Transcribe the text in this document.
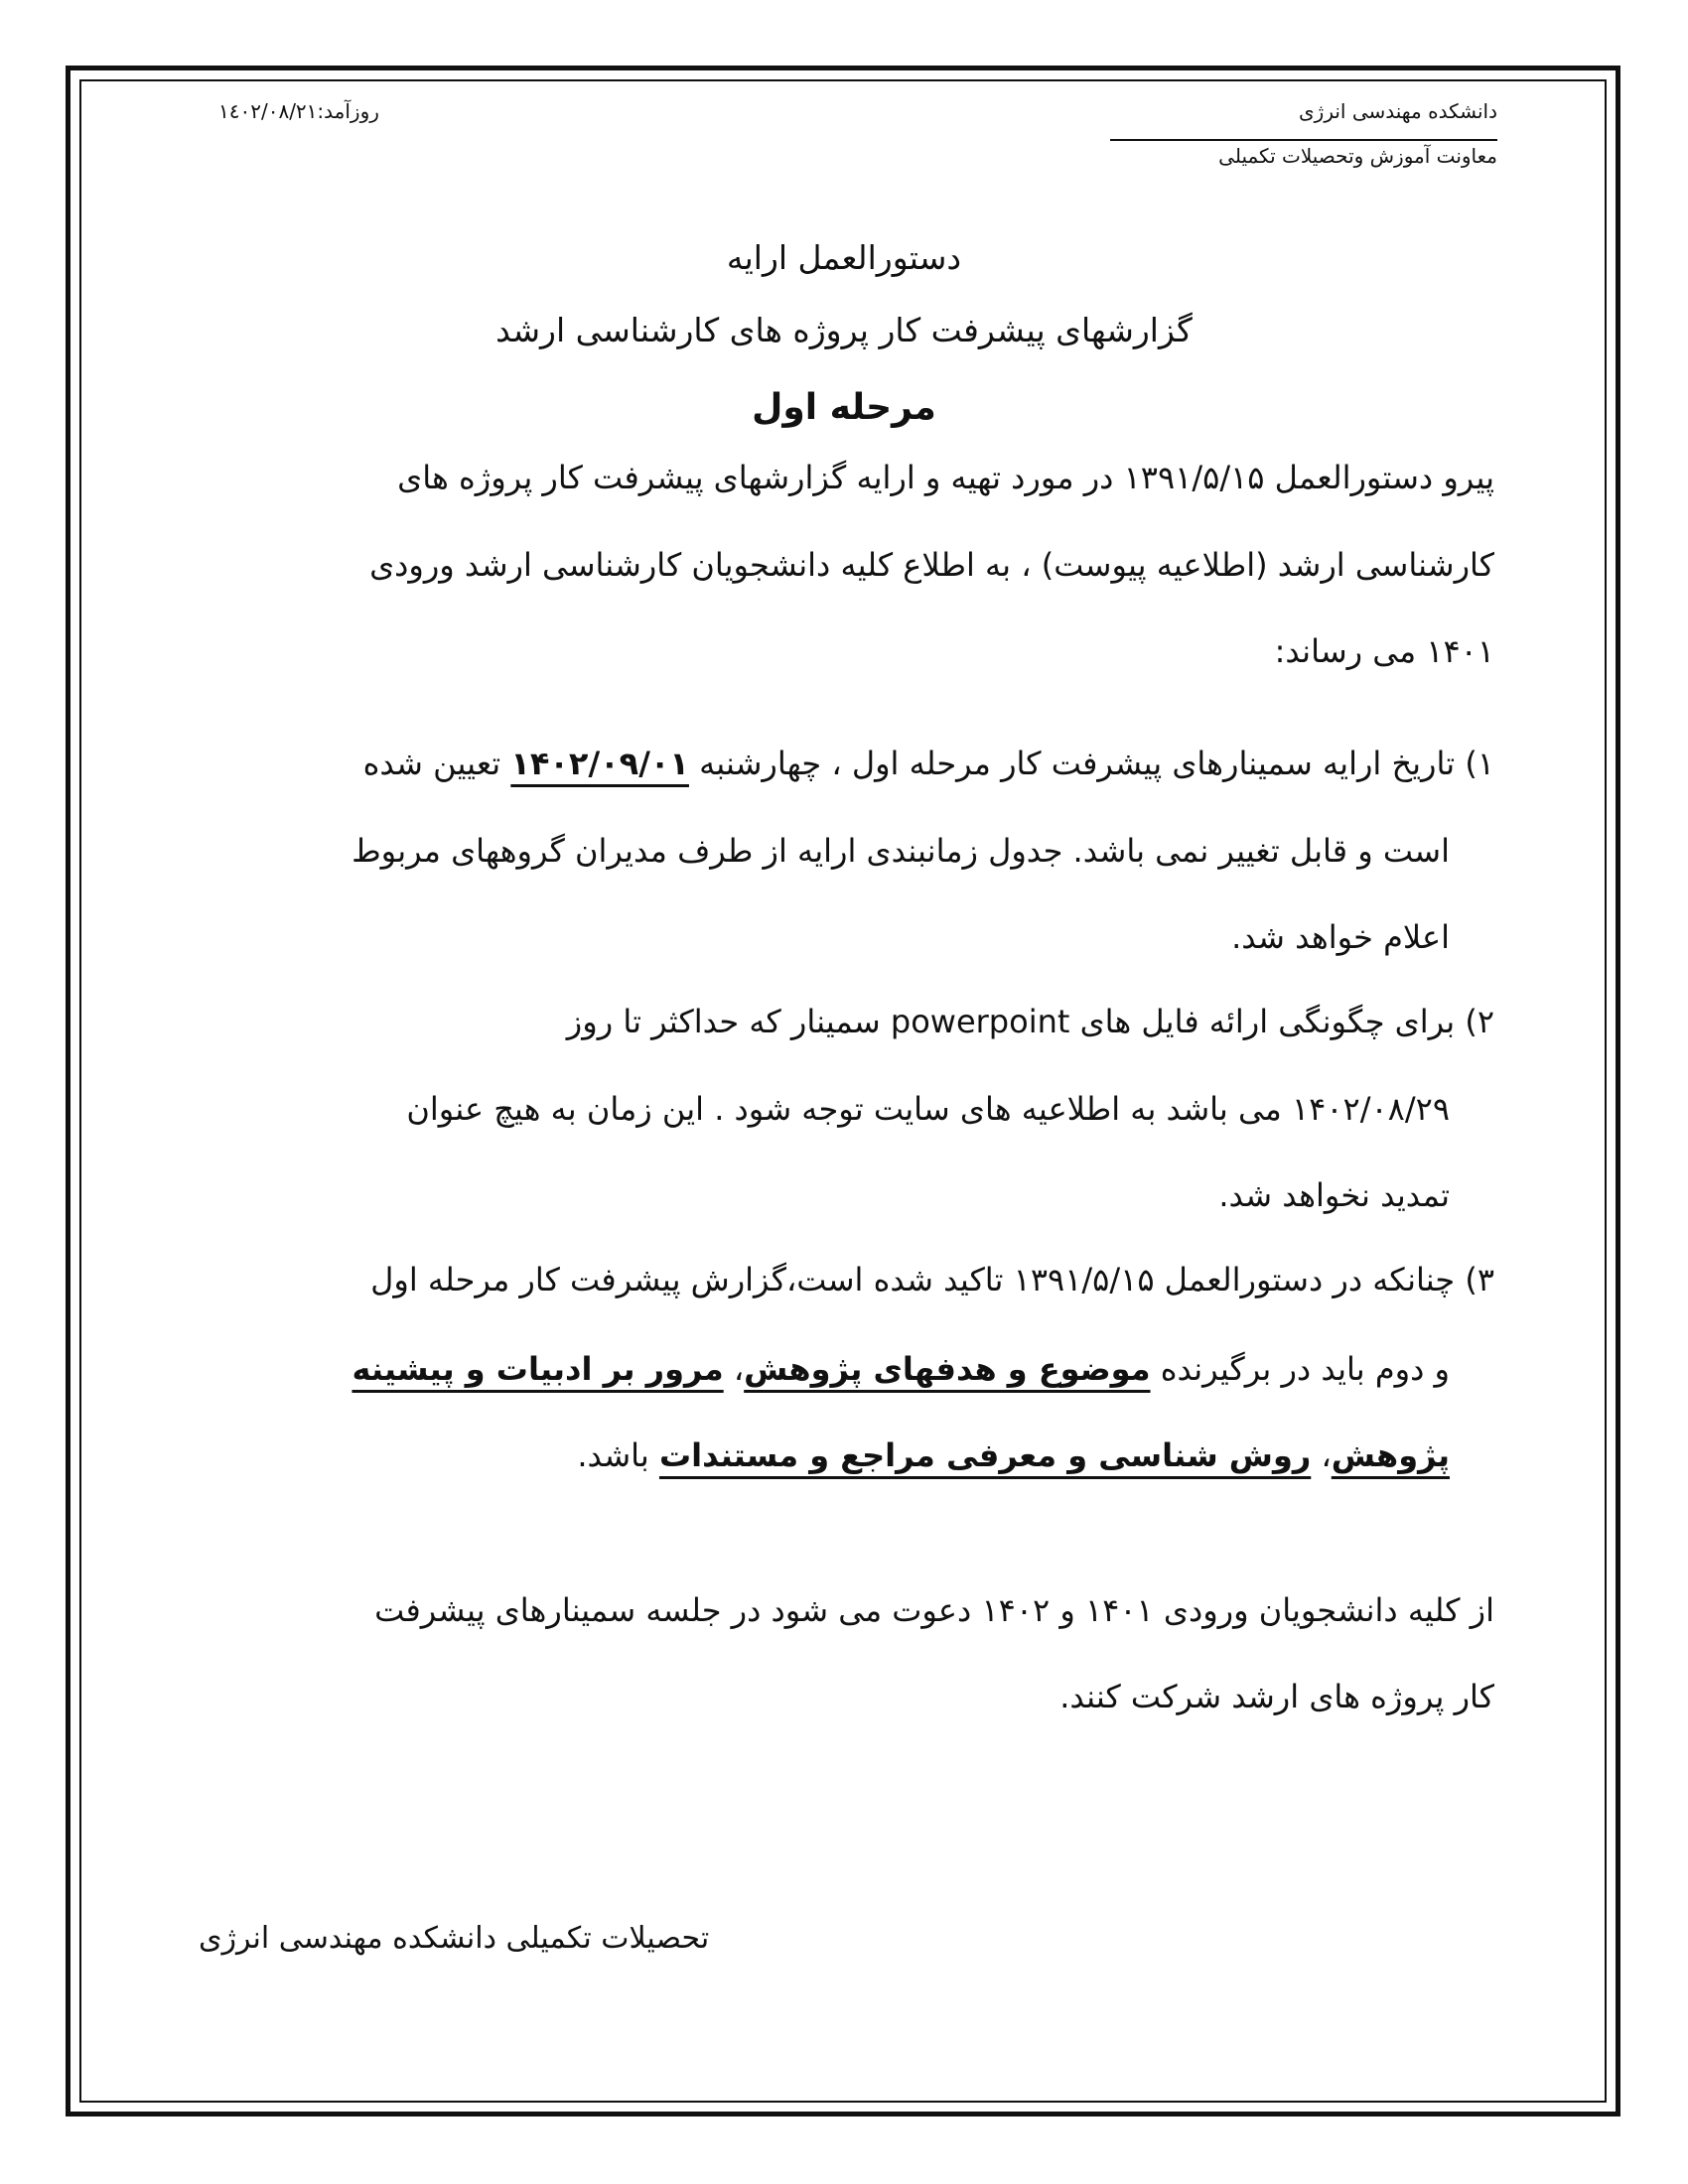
دانشکده مهندسی انرژی
معاونت آموزش وتحصیلات تکمیلی
روزآمد:١٤٠٢/٠٨/٢١
دستورالعمل ارایه
گزارشهای پیشرفت کار پروژه های کارشناسی ارشد
مرحله اول
پیرو دستورالعمل ۱۳۹۱/۵/۱۵ در مورد تهیه و ارایه گزارشهای پیشرفت کار پروژه های
کارشناسی ارشد (اطلاعیه پیوست) ، به اطلاع کلیه دانشجویان کارشناسی ارشد ورودی
۱۴۰۱ می رساند:
۱) تاریخ ارایه سمینارهای پیشرفت کار مرحله اول ، چهارشنبه ۱۴۰۲/۰۹/۰۱ تعیین شده
است و قابل تغییر نمی باشد. جدول زمانبندی ارایه از طرف مدیران گروههای مربوط
اعلام خواهد شد.
۲) برای چگونگی ارائه فایل های powerpoint سمینار که حداکثر تا روز
۱۴۰۲/۰۸/۲۹ می باشد به اطلاعیه های سایت توجه شود . این زمان به هیچ عنوان
تمدید نخواهد شد.
۳) چنانکه در دستورالعمل ۱۳۹۱/۵/۱۵ تاکید شده است،گزارش پیشرفت کار مرحله اول
و دوم باید در برگیرنده موضوع و هدفهای پژوهش، مرور بر ادبیات و پیشینه
پژوهش، روش شناسی و معرفی مراجع و مستندات باشد.
از کلیه دانشجویان ورودی ۱۴۰۱ و ۱۴۰۲ دعوت می شود در جلسه سمینارهای پیشرفت
کار پروژه های ارشد شرکت کنند.
تحصیلات تکمیلی دانشکده مهندسی انرژی
